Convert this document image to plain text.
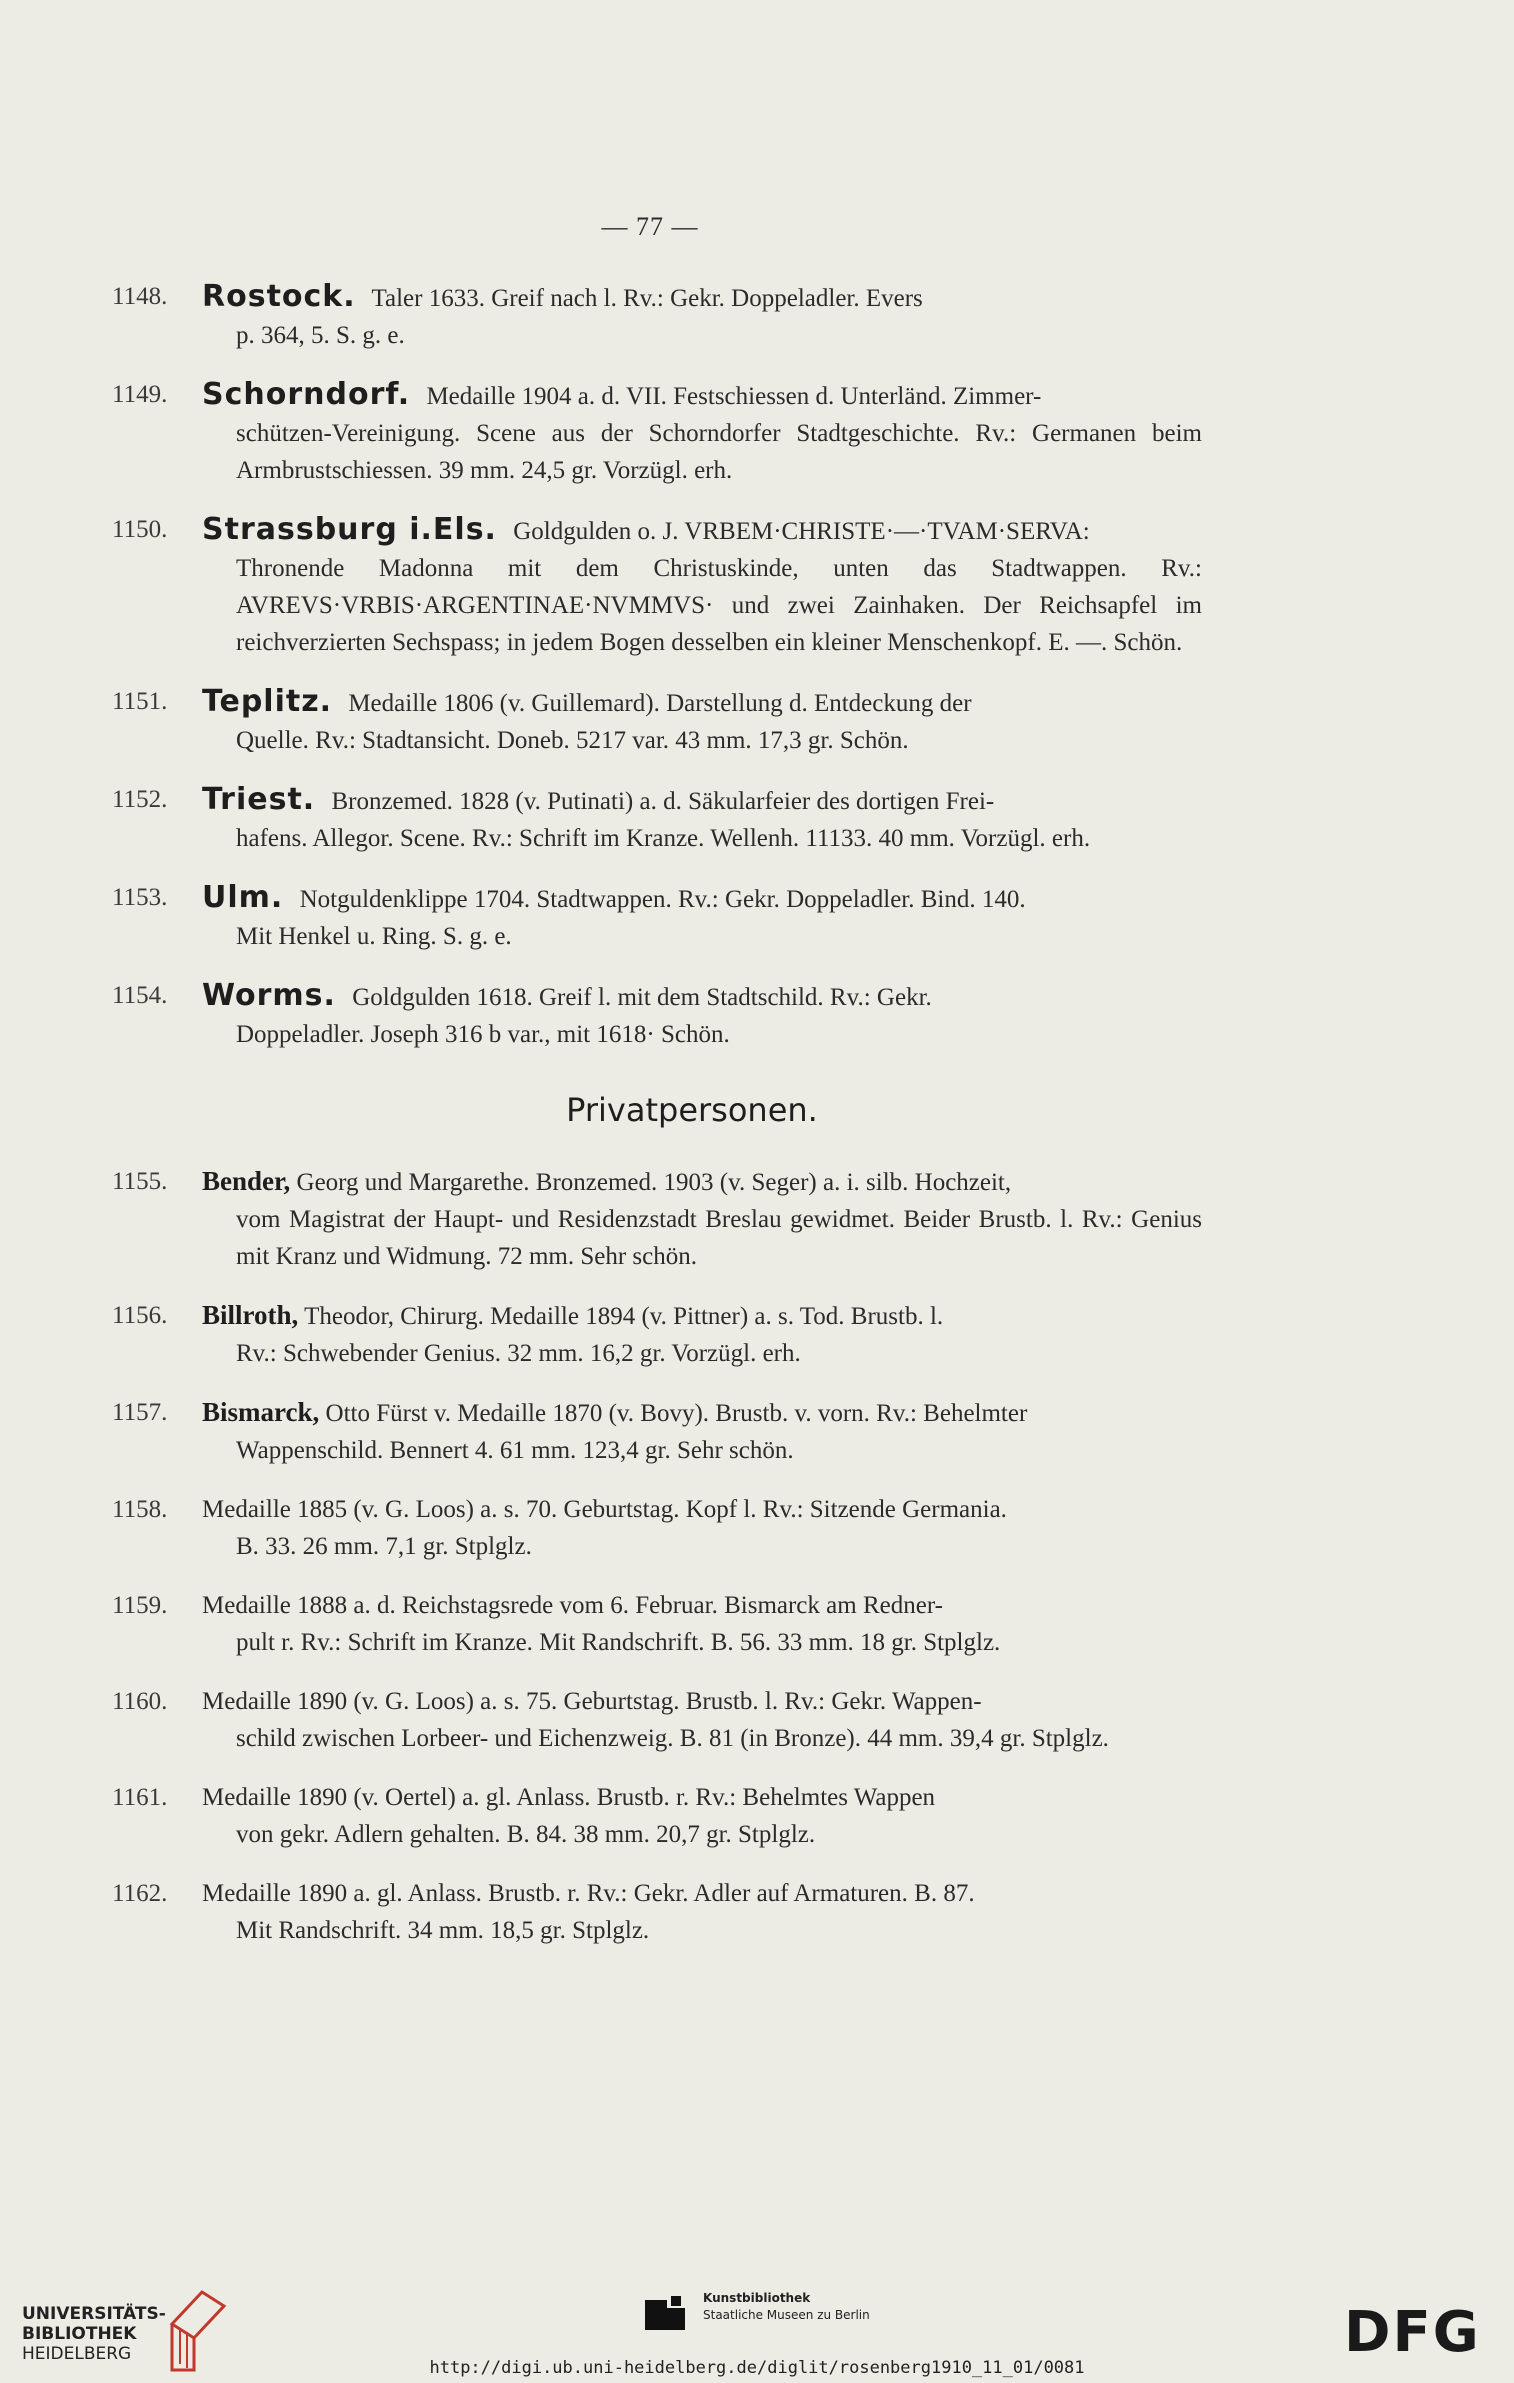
— 77 —
1148.	Rostock. Taler 1633. Greif nach l. Rv.: Gekr. Doppeladler. Evers
p. 364, 5. S. g. e.
1149.	Schorndorf. Medaille 1904 a. d. VII. Festschiessen d. Unterländ. Zimmer-
schützen-Vereinigung. Scene aus der Schorndorfer Stadtgeschichte. Rv.: Germanen beim Armbrustschiessen. 39 mm. 24,5 gr. Vorzügl. erh.
1150.	Strassburg i.Els. Goldgulden o. J. VRBEM·CHRISTE·—·TVAM·SERVA:
Thronende Madonna mit dem Christuskinde, unten das Stadtwappen. Rv.: AVREVS·VRBIS·ARGENTINAE·NVMMVS· und zwei Zainhaken. Der Reichsapfel im reichverzierten Sechspass; in jedem Bogen desselben ein kleiner Menschenkopf. E. —. Schön.
1151.	Teplitz. Medaille 1806 (v. Guillemard). Darstellung d. Entdeckung der
Quelle. Rv.: Stadtansicht. Doneb. 5217 var. 43 mm. 17,3 gr. Schön.
1152.	Triest. Bronzemed. 1828 (v. Putinati) a. d. Säkularfeier des dortigen Frei-
hafens. Allegor. Scene. Rv.: Schrift im Kranze. Wellenh. 11133. 40 mm. Vorzügl. erh.
1153.	Ulm. Notguldenklippe 1704. Stadtwappen. Rv.: Gekr. Doppeladler. Bind. 140.
Mit Henkel u. Ring. S. g. e.
1154.	Worms. Goldgulden 1618. Greif l. mit dem Stadtschild. Rv.: Gekr.
Doppeladler. Joseph 316 b var., mit 1618· Schön.
Privatpersonen.
1155.	Bender, Georg und Margarethe. Bronzemed. 1903 (v. Seger) a. i. silb. Hochzeit,
vom Magistrat der Haupt- und Residenzstadt Breslau gewidmet. Beider Brustb. l. Rv.: Genius mit Kranz und Widmung. 72 mm. Sehr schön.
1156.	Billroth, Theodor, Chirurg. Medaille 1894 (v. Pittner) a. s. Tod. Brustb. l.
Rv.: Schwebender Genius. 32 mm. 16,2 gr. Vorzügl. erh.
1157.	Bismarck, Otto Fürst v. Medaille 1870 (v. Bovy). Brustb. v. vorn. Rv.: Behelmter
Wappenschild. Bennert 4. 61 mm. 123,4 gr. Sehr schön.
1158.	Medaille 1885 (v. G. Loos) a. s. 70. Geburtstag. Kopf l. Rv.: Sitzende Germania.
B. 33. 26 mm. 7,1 gr. Stplglz.
1159.	Medaille 1888 a. d. Reichstagsrede vom 6. Februar. Bismarck am Redner-
pult r. Rv.: Schrift im Kranze. Mit Randschrift. B. 56. 33 mm. 18 gr. Stplglz.
1160.	Medaille 1890 (v. G. Loos) a. s. 75. Geburtstag. Brustb. l. Rv.: Gekr. Wappen-
schild zwischen Lorbeer- und Eichenzweig. B. 81 (in Bronze). 44 mm. 39,4 gr. Stplglz.
1161.	Medaille 1890 (v. Oertel) a. gl. Anlass. Brustb. r. Rv.: Behelmtes Wappen
von gekr. Adlern gehalten. B. 84. 38 mm. 20,7 gr. Stplglz.
1162.	Medaille 1890 a. gl. Anlass. Brustb. r. Rv.: Gekr. Adler auf Armaturen. B. 87.
Mit Randschrift. 34 mm. 18,5 gr. Stplglz.
UNIVERSITÄTS-
BIBLIOTHEK
HEIDELBERG
Kunstbibliothek
Staatliche Museen zu Berlin	DFG
http://digi.ub.uni-heidelberg.de/diglit/rosenberg1910_11_01/0081
